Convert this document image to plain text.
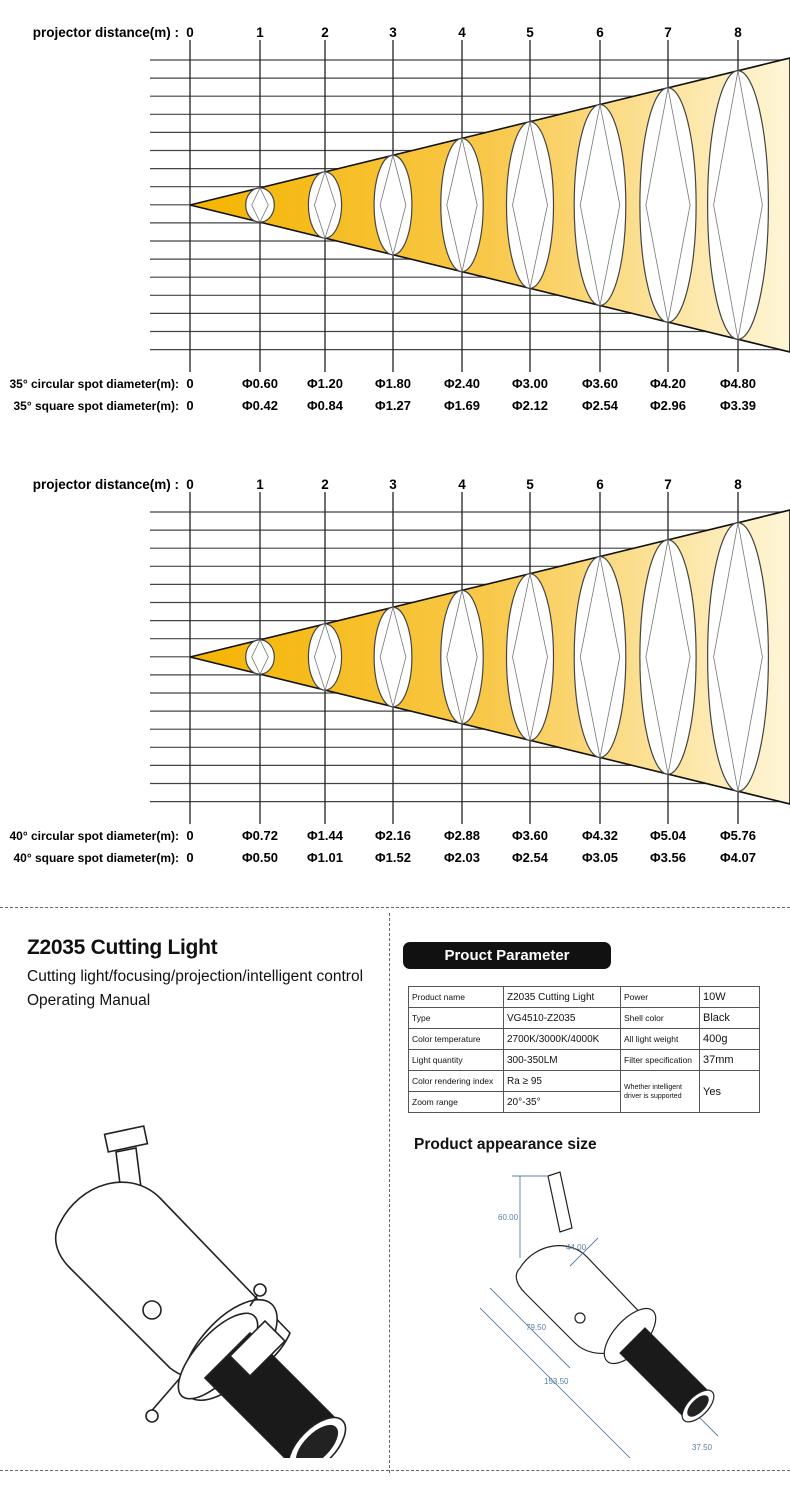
projector distance(m) : 0	1	2	3	4	5	6	7	8
35° circular spot diameter(m): 0	Φ0.60 Φ1.20 Φ1.80	Φ2.40 Φ3.00	Φ3.60 Φ4.20	Φ4.80
35° square spot diameter(m): 0	Φ0.42 Φ0.84 Φ1.27	Φ1.69 Φ2.12	Φ2.54 Φ2.96	Φ3.39
projector distance(m) : 0	1	2	3	4	5	6	7	8
40° circular spot diameter(m): 0	Φ0.72 Φ1.44 Φ2.16	Φ2.88 Φ3.60	Φ4.32 Φ5.04	Φ5.76
40° square spot diameter(m): 0	Φ0.50 Φ1.01 Φ1.52	Φ2.03 Φ2.54	Φ3.05 Φ3.56	Φ4.07
Z2035 Cutting Light
Cutting light/focusing/projection/intelligent control
Operating Manual
Prouct Parameter
Product name	Z2035 Cutting Light	Power	10W
Type	VG4510-Z2035	Shell color	Black
Color temperature	2700K/3000K/4000K	All light weight	400g
Light quantity	300-350LM	Filter specification	37mm
Color rendering index	Ra ≥ 95	Whether intelligent driver is supported	Yes
Zoom range	20°-35°		
Product appearance size
60.00
44.00
79.50
153.50
37.50
